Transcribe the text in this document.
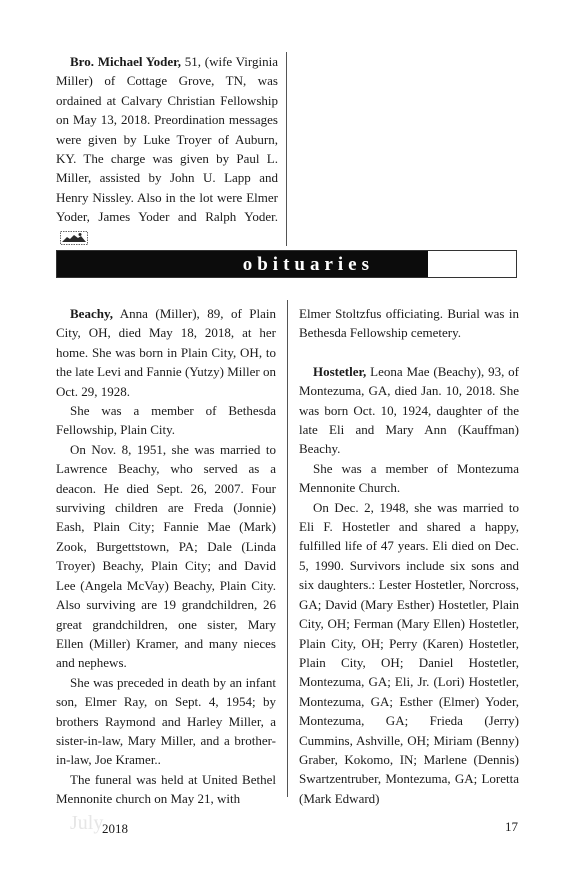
Bro. Michael Yoder, 51, (wife Virginia Miller) of Cottage Grove, TN, was ordained at Calvary Christian Fellowship on May 13, 2018. Preordination messages were given by Luke Troyer of Auburn, KY. The charge was given by Paul L. Miller, assisted by John U. Lapp and Henry Nissley. Also in the lot were Elmer Yoder, James Yoder and Ralph Yoder.

obituaries

Beachy, Anna (Miller), 89, of Plain City, OH, died May 18, 2018, at her home. She was born in Plain City, OH, to the late Levi and Fannie (Yutzy) Miller on Oct. 29, 1928.

She was a member of Bethesda Fellowship, Plain City.

On Nov. 8, 1951, she was married to Lawrence Beachy, who served as a deacon. He died Sept. 26, 2007. Four surviving children are Freda (Jonnie) Eash, Plain City; Fannie Mae (Mark) Zook, Burgettstown, PA; Dale (Linda Troyer) Beachy, Plain City; and David Lee (Angela McVay) Beachy, Plain City. Also surviving are 19 grandchildren, 26 great grandchildren, one sister, Mary Ellen (Miller) Kramer, and many nieces and nephews.

She was preceded in death by an infant son, Elmer Ray, on Sept. 4, 1954; by brothers Raymond and Harley Miller, a sister-in-law, Mary Miller, and a brother-in-law, Joe Kramer..

The funeral was held at United Bethel Mennonite church on May 21, with

Elmer Stoltzfus officiating. Burial was in Bethesda Fellowship cemetery.

Hostetler, Leona Mae (Beachy), 93, of Montezuma, GA, died Jan. 10, 2018. She was born Oct. 10, 1924, daughter of the late Eli and Mary Ann (Kauffman) Beachy.

She was a member of Montezuma Mennonite Church.

On Dec. 2, 1948, she was married to Eli F. Hostetler and shared a happy, fulfilled life of 47 years. Eli died on Dec. 5, 1990. Survivors include six sons and six daughters.: Lester Hostetler, Norcross, GA; David (Mary Esther) Hostetler, Plain City, OH; Ferman (Mary Ellen) Hostetler, Plain City, OH; Perry (Karen) Hostetler, Plain City, OH; Daniel Hostetler, Montezuma, GA; Eli, Jr. (Lori) Hostetler, Montezuma, GA; Esther (Elmer) Yoder, Montezuma, GA; Frieda (Jerry) Cummins, Ashville, OH; Miriam (Benny) Graber, Kokomo, IN; Marlene (Dennis) Swartzentruber, Montezuma, GA; Loretta (Mark Edward)

July
2018	17
